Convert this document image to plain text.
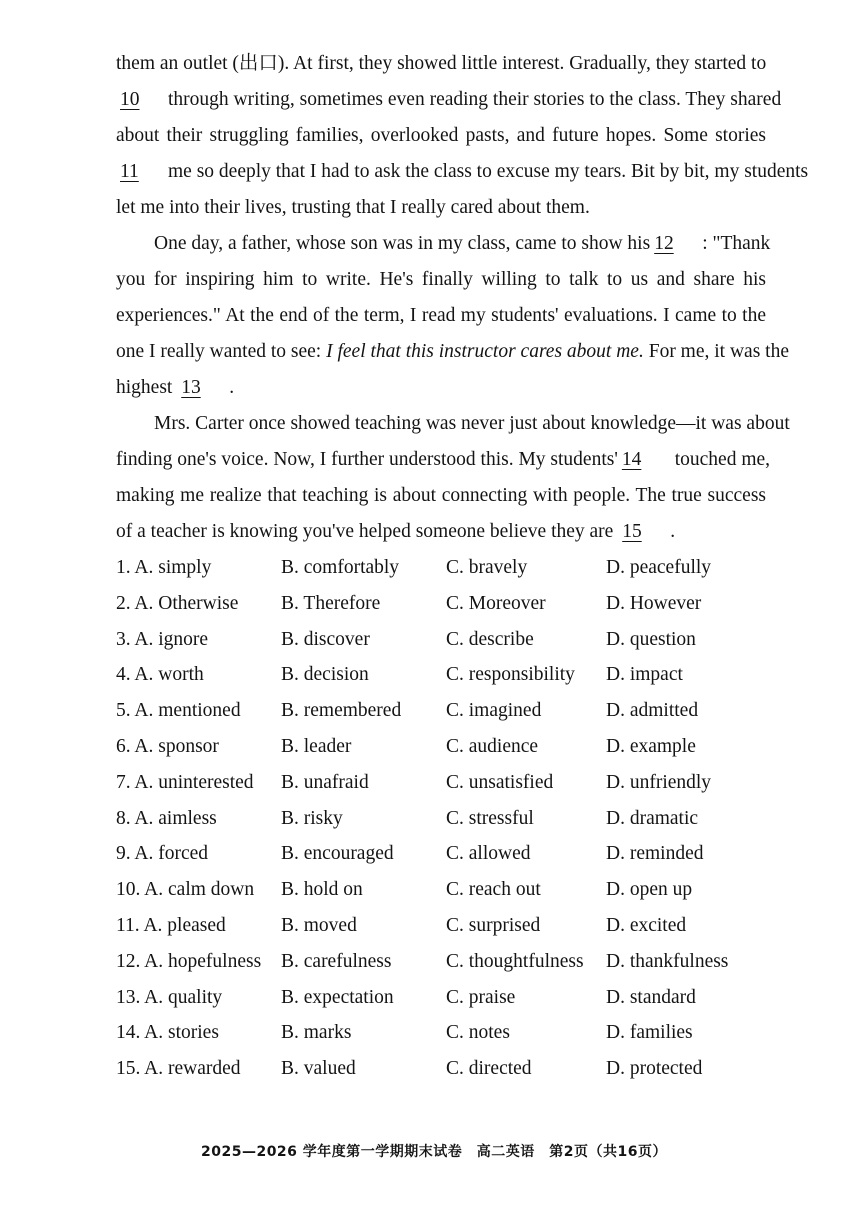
them an outlet (出口). At first, they showed little interest. Gradually, they started to
10 through writing, sometimes even reading their stories to the class. They shared
about their struggling families, overlooked pasts, and future hopes. Some stories
11 me so deeply that I had to ask the class to excuse my tears. Bit by bit, my students
let me into their lives, trusting that I really cared about them.
One day, a father, whose son was in my class, came to show his 12 : "Thank
you for inspiring him to write. He's finally willing to talk to us and share his
experiences." At the end of the term, I read my students' evaluations. I came to the
one I really wanted to see: I feel that this instructor cares about me. For me, it was the
highest 13 .
Mrs. Carter once showed teaching was never just about knowledge—it was about
finding one's voice. Now, I further understood this. My students' 14 touched me,
making me realize that teaching is about connecting with people. The true success
of a teacher is knowing you've helped someone believe they are 15 .
1. A. simply	B. comfortably C. bravely	D. peacefully
2. A. Otherwise B. Therefore	C. Moreover	D. However
3. A. ignore	B. discover	C. describe	D. question
4. A. worth	B. decision	C. responsibility D. impact
5. A. mentioned B. remembered C. imagined	D. admitted
6. A. sponsor	B. leader	C. audience	D. example
7. A. uninterested B. unafraid	C. unsatisfied	D. unfriendly
8. A. aimless	B. risky	C. stressful	D. dramatic
9. A. forced	B. encouraged	C. allowed	D. reminded
10. A. calm down B. hold on	C. reach out	D. open up
11. A. pleased	B. moved	C. surprised	D. excited
12. A. hopefulness B. carefulness	C. thoughtfulness D. thankfulness
13. A. quality	B. expectation	C. praise	D. standard
14. A. stories	B. marks	C. notes	D. families
15. A. rewarded B. valued	C. directed	D. protected
2025—2026 学年度第一学期期末试卷　高二英语　第2页（共16页）
